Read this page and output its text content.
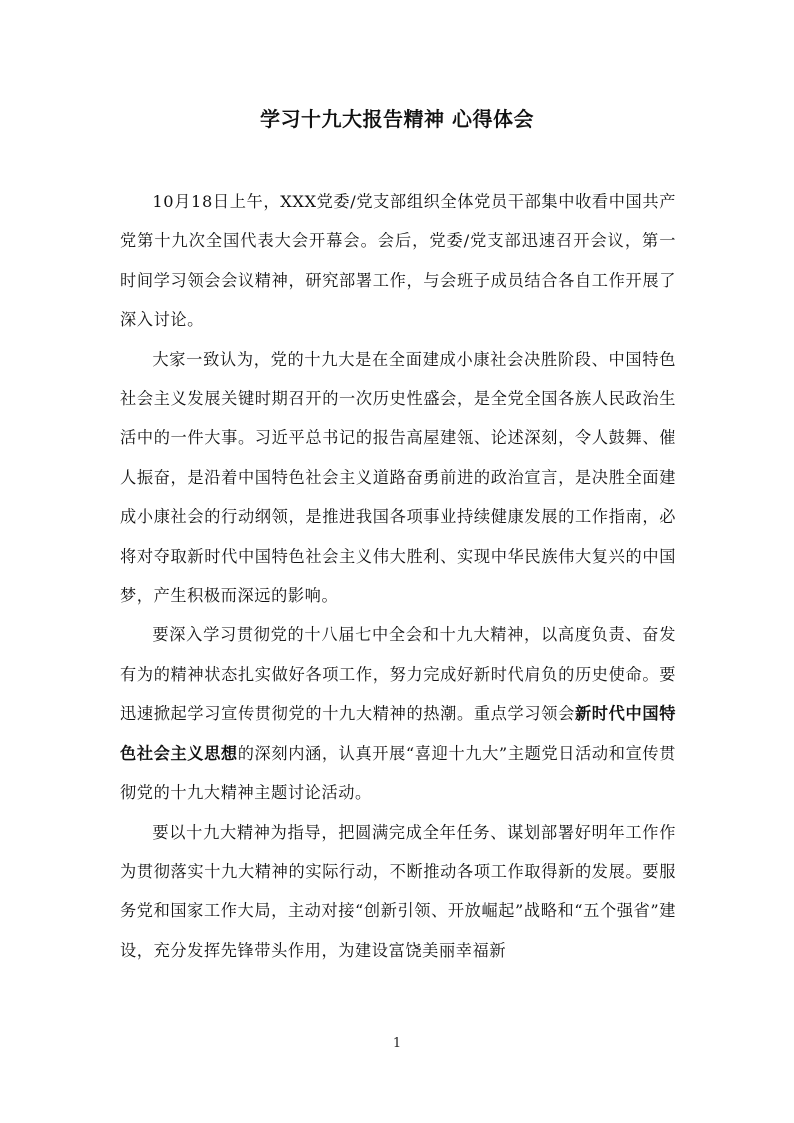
学习十九大报告精神 心得体会

10月18日上午，XXX党委/党支部组织全体党员干部集中收看中国共产党第十九次全国代表大会开幕会。会后，党委/党支部迅速召开会议，第一时间学习领会会议精神，研究部署工作，与会班子成员结合各自工作开展了深入讨论。

大家一致认为，党的十九大是在全面建成小康社会决胜阶段、中国特色社会主义发展关键时期召开的一次历史性盛会，是全党全国各族人民政治生活中的一件大事。习近平总书记的报告高屋建瓴、论述深刻，令人鼓舞、催人振奋，是沿着中国特色社会主义道路奋勇前进的政治宣言，是决胜全面建成小康社会的行动纲领，是推进我国各项事业持续健康发展的工作指南，必将对夺取新时代中国特色社会主义伟大胜利、实现中华民族伟大复兴的中国梦，产生积极而深远的影响。

要深入学习贯彻党的十八届七中全会和十九大精神，以高度负责、奋发有为的精神状态扎实做好各项工作，努力完成好新时代肩负的历史使命。要迅速掀起学习宣传贯彻党的十九大精神的热潮。重点学习领会新时代中国特色社会主义思想的深刻内涵，认真开展“喜迎十九大”主题党日活动和宣传贯彻党的十九大精神主题讨论活动。

要以十九大精神为指导，把圆满完成全年任务、谋划部署好明年工作作为贯彻落实十九大精神的实际行动，不断推动各项工作取得新的发展。要服务党和国家工作大局，主动对接“创新引领、开放崛起”战略和“五个强省”建设，充分发挥先锋带头作用，为建设富饶美丽幸福新

1
